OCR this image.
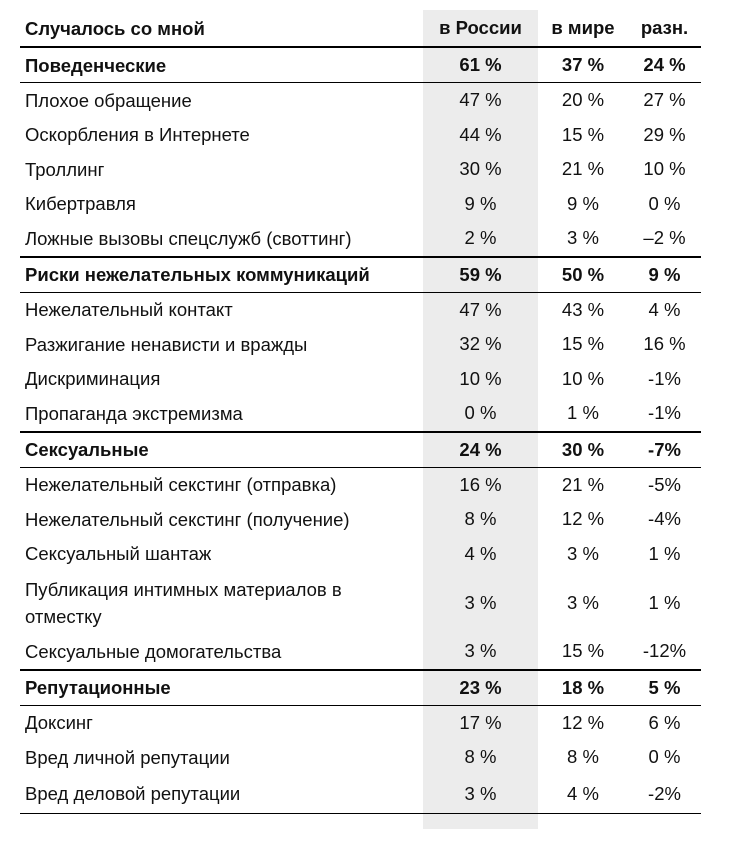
Случалось со мной	в России	в мире	разн.
Поведенческие	61 %	37 %	24 %
Плохое обращение	47 %	20 %	27 %
Оскорбления в Интернете	44 %	15 %	29 %
Троллинг	30 %	21 %	10 %
Кибертравля	9 %	9 %	0 %
Ложные вызовы спецслужб (своттинг)	2 %	3 %	–2 %
Риски нежелательных коммуникаций	59 %	50 %	9 %
Нежелательный контакт	47 %	43 %	4 %
Разжигание ненависти и вражды	32 %	15 %	16 %
Дискриминация	10 %	10 %	-1%
Пропаганда экстремизма	0 %	1 %	-1%
Сексуальные	24 %	30 %	-7%
Нежелательный секстинг (отправка)	16 %	21 %	-5%
Нежелательный секстинг (получение)	8 %	12 %	-4%
Сексуальный шантаж	4 %	3 %	1 %
Публикация интимных материалов в отместку	3 %	3 %	1 %
Сексуальные домогательства	3 %	15 %	-12%
Репутационные	23 %	18 %	5 %
Доксинг	17 %	12 %	6 %
Вред личной репутации	8 %	8 %	0 %
Вред деловой репутации	3 %	4 %	-2%
